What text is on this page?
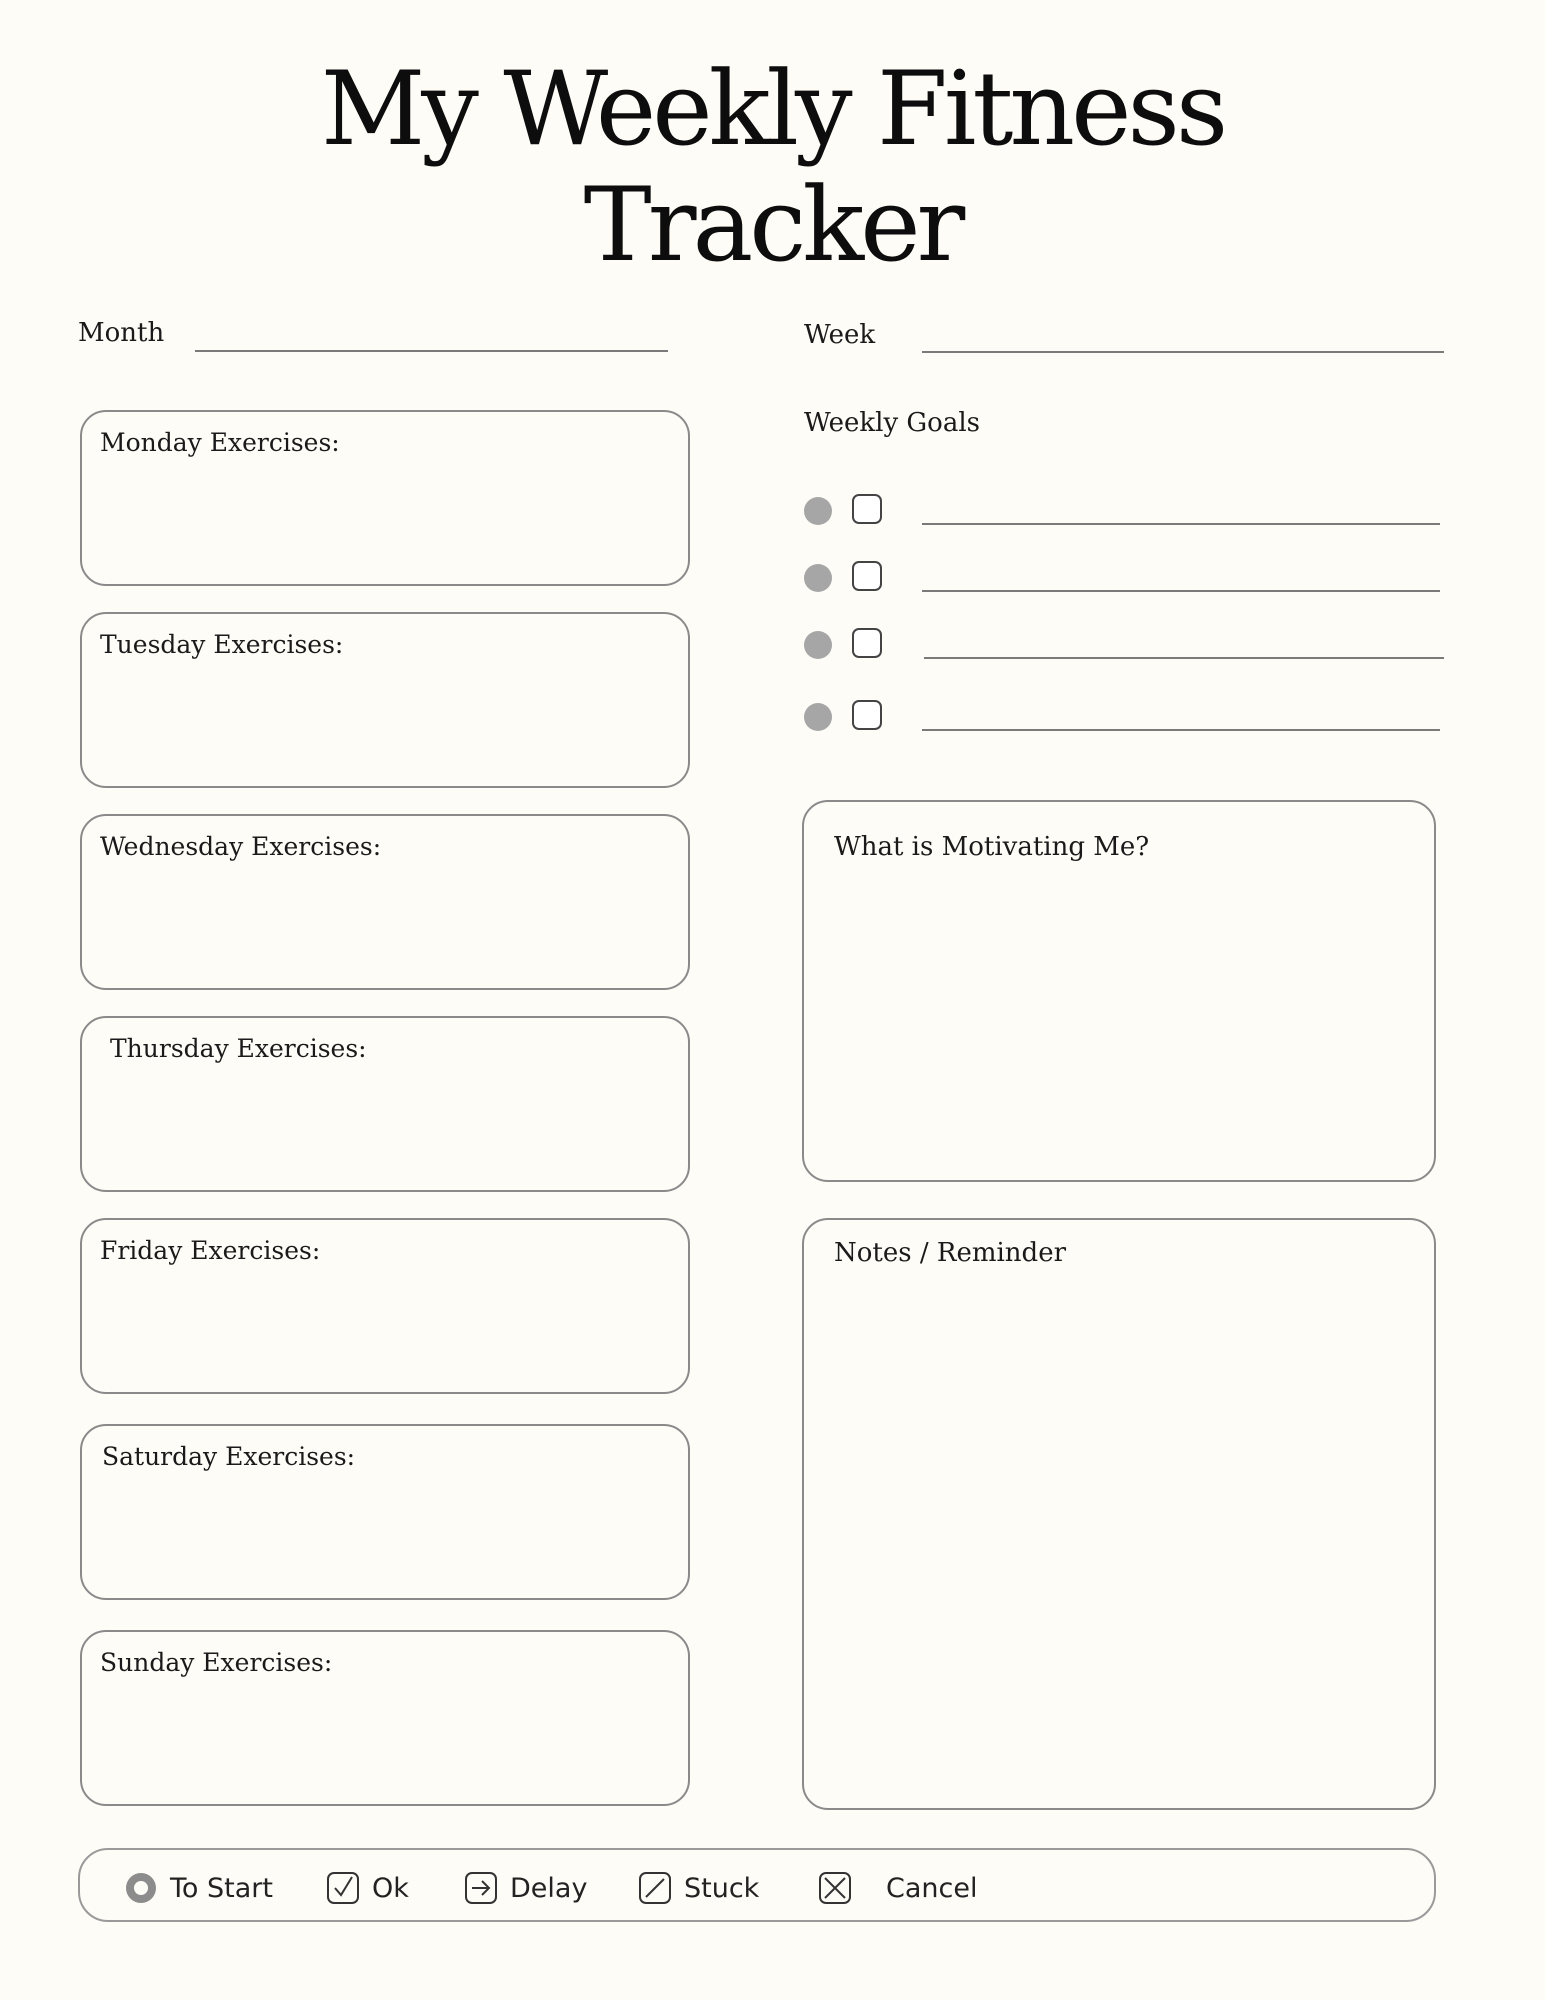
My Weekly Fitness
Tracker
Month	Week
Monday Exercises:
Tuesday Exercises:
Wednesday Exercises:
Thursday Exercises:
Friday Exercises:
Saturday Exercises:
Sunday Exercises:
Weekly Goals
What is Motivating Me?
Notes / Reminder
To Start	Ok	Delay	Stuck	Cancel
